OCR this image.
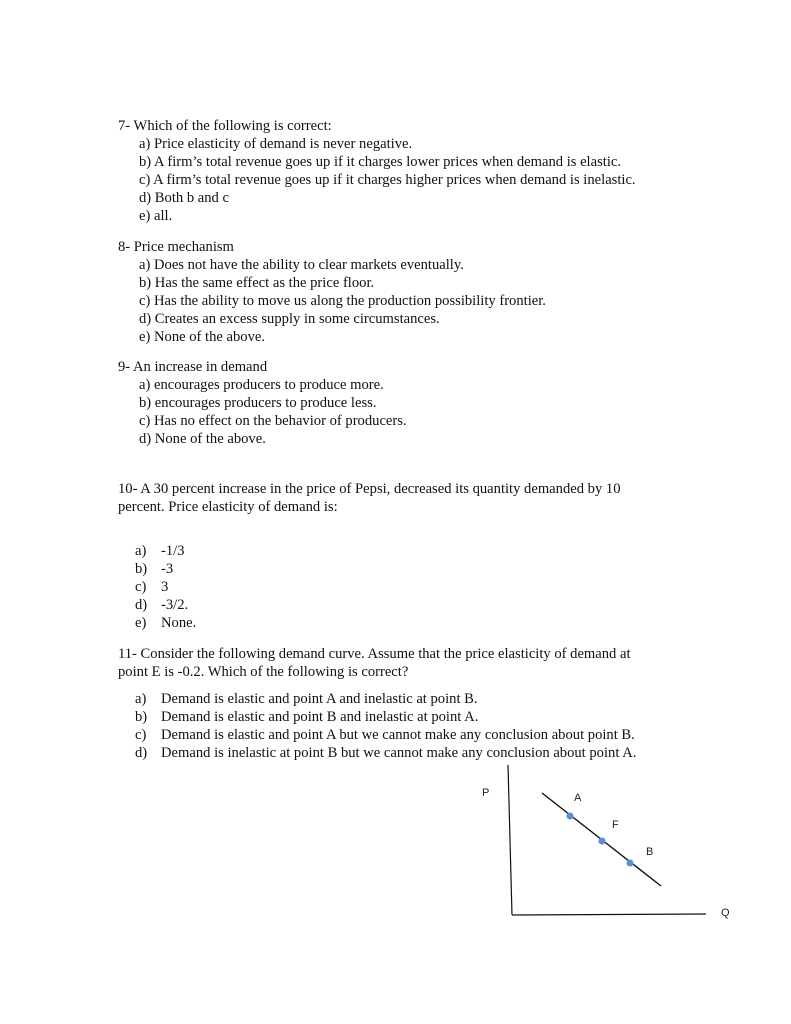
7- Which of the following is correct:
a) Price elasticity of demand is never negative.
b) A firm’s total revenue goes up if it charges lower prices when demand is elastic.
c) A firm’s total revenue goes up if it charges higher prices when demand is inelastic.
d) Both b and c
e) all.
8- Price mechanism
a) Does not have the ability to clear markets eventually.
b) Has the same effect as the price floor.
c) Has the ability to move us along the production possibility frontier.
d) Creates an excess supply in some circumstances.
e) None of the above.
9- An increase in demand
a) encourages producers to produce more.
b) encourages producers to produce less.
c) Has no effect on the behavior of producers.
d) None of the above.
10- A 30 percent increase in the price of Pepsi, decreased its quantity demanded by 10
percent. Price elasticity of demand is:
a) -1/3
b) -3
c) 3
d) -3/2.
e) None.
11- Consider the following demand curve. Assume that the price elasticity of demand at
point E is -0.2. Which of the following is correct?
a) Demand is elastic and point A and inelastic at point B.
b) Demand is elastic and point B and inelastic at point A.
c) Demand is elastic and point A but we cannot make any conclusion about point B.
d) Demand is inelastic at point B but we cannot make any conclusion about point A.
P
Q
A
F
B
